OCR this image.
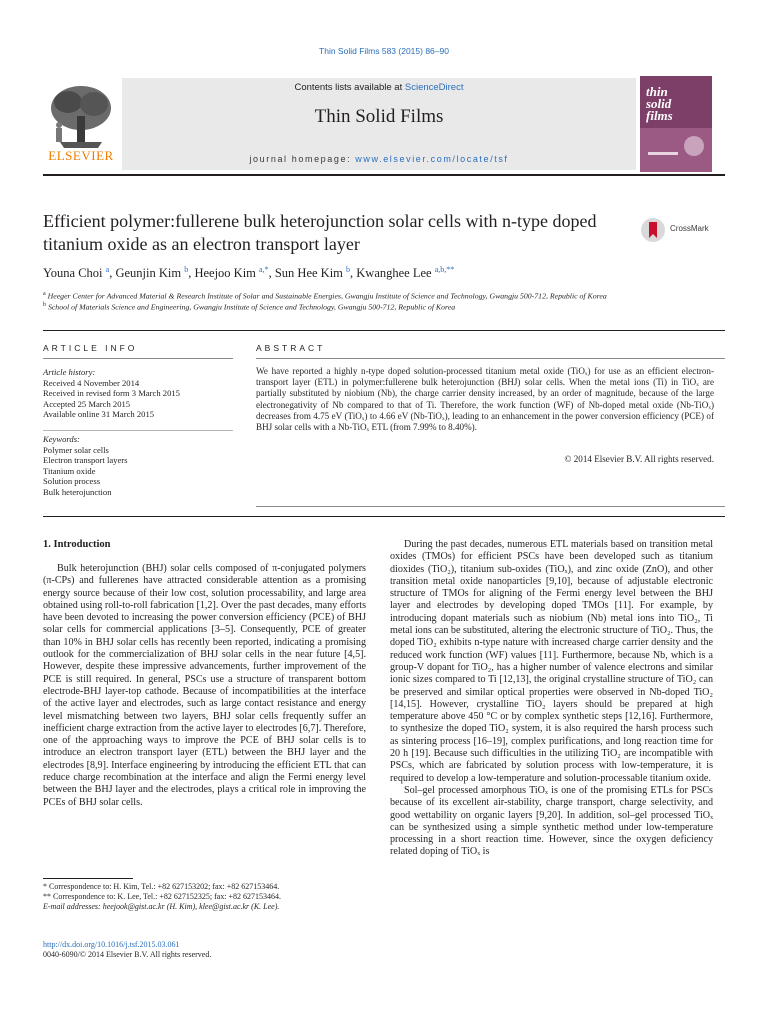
Thin Solid Films 583 (2015) 86–90
Contents lists available at ScienceDirect
Thin Solid Films
journal homepage: www.elsevier.com/locate/tsf
ELSEVIER
thin
solid
films
Efficient polymer:fullerene bulk heterojunction solar cells with n-type doped titanium oxide as an electron transport layer
CrossMark
Youna Choi $^a$, Geunjin Kim $^b$, Heejoo Kim $^{a,*}$, Sun Hee Kim $^b$, Kwanghee Lee $^{a,b,**}$
$^a$ Heeger Center for Advanced Material & Research Institute of Solar and Sustainable Energies, Gwangju Institute of Science and Technology, Gwangju 500-712, Republic of Korea
$^b$ School of Materials Science and Engineering, Gwangju Institute of Science and Technology, Gwangju 500-712, Republic of Korea
ARTICLE INFO	ABSTRACT
Article history:
Received 4 November 2014
Received in revised form 3 March 2015
Accepted 25 March 2015
Available online 31 March 2015
Keywords:
Polymer solar cells
Electron transport layers
Titanium oxide
Solution process
Bulk heterojunction
We have reported a highly n-type doped solution-processed titanium metal oxide (TiOₓ) for use as an efficient electron-transport layer (ETL) in polymer:fullerene bulk heterojunction (BHJ) solar cells. When the metal ions (Ti) in TiOₓ are partially substituted by niobium (Nb), the charge carrier density increased, by an order of magnitude, because of the large electronegativity of Nb compared to that of Ti. Therefore, the work function (WF) of Nb-doped metal oxide (Nb-TiOₓ) decreases from 4.75 eV (TiOₓ) to 4.66 eV (Nb-TiOₓ), leading to an enhancement in the power conversion efficiency (PCE) of BHJ solar cells with a Nb-TiOₓ ETL (from 7.99% to 8.40%).
© 2014 Elsevier B.V. All rights reserved.
1. Introduction

Bulk heterojunction (BHJ) solar cells composed of π-conjugated polymers (π-CPs) and fullerenes have attracted considerable attention as a promising energy source because of their low cost, solution processability, and large area obtained using roll-to-roll fabrication [1,2]. Over the past decades, many efforts have been devoted to increasing the power conversion efficiency (PCE) of BHJ solar cells for commercial applications [3–5]. Consequently, PCE of greater than 10% in BHJ solar cells has recently been reported, indicating a promising outlook for the commercialization of BHJ solar cells in the near future [4,5]. However, despite these impressive advancements, further improvement of the PCE is still required. In general, PSCs use a structure of transparent bottom electrode-BHJ layer-top cathode. Because of incompatibilities at the interface of the active layer and electrodes, such as large contact resistance and energy level mismatching between two layers, BHJ solar cells frequently suffer an inefficient charge extraction from the active layer to electrodes [6,7]. Therefore, one of the approaching ways to improve the PCE of BHJ solar cells is to introduce an electron transport layer (ETL) between the BHJ layer and the electrodes [8,9]. Interface engineering by introducing the efficient ETL that can reduce charge recombination at the interface and align the Fermi energy level between the BHJ layer and the electrodes, plays a critical role in improving the PCEs of BHJ solar cells.

During the past decades, numerous ETL materials based on transition metal oxides (TMOs) for efficient PSCs have been developed such as titanium dioxides (TiO₂), titanium sub-oxides (TiOₓ), and zinc oxide (ZnO), and other transition metal oxide nanoparticles [9,10], because of adjustable electronic structure of TMOs for aligning of the Fermi energy level between the BHJ layer and electrodes by developing doped TMOs [11]. For example, by introducing dopant materials such as niobium (Nb) metal ions into TiO₂, Ti metal ions can be substituted, altering the electronic structure of TiO₂. Thus, the doped TiO₂ exhibits n-type nature with increased charge carrier density and the reduced work function (WF) values [11]. Furthermore, because Nb, which is a group-V dopant for TiO₂, has a higher number of valence electrons and similar ionic sizes compared to Ti [12,13], the original crystalline structure of TiO₂ can be preserved and similar optical properties were observed in Nb-doped TiO₂ [14,15]. However, crystalline TiO₂ layers should be prepared at high temperature above 450 °C or by complex synthetic steps [12,16]. Furthermore, to synthesize the doped TiO₂ system, it is also required the harsh process such as sintering process [16–19], complex purifications, and long reaction time for 20 h [19]. Because such difficulties in the utilizing TiO₂ are incompatible with PSCs, which are fabricated by solution process with low-temperature, it is required to develop a low-temperature and solution-processable titanium oxide.

Sol–gel processed amorphous TiOₓ is one of the promising ETLs for PSCs because of its excellent air-stability, charge transport, charge selectivity, and good wettability on organic layers [9,20]. In addition, sol–gel processed TiOₓ can be synthesized using a simple synthetic method under low-temperature processing in a short reaction time. However, since the oxygen deficiency related doping of TiOₓ is

* Correspondence to: H. Kim, Tel.: +82 627153202; fax: +82 627153464.
** Correspondence to: K. Lee, Tel.: +82 627152325; fax: +82 627153464.
E-mail addresses: heejook@gist.ac.kr (H. Kim), klee@gist.ac.kr (K. Lee).
http://dx.doi.org/10.1016/j.tsf.2015.03.061
0040-6090/© 2014 Elsevier B.V. All rights reserved.
